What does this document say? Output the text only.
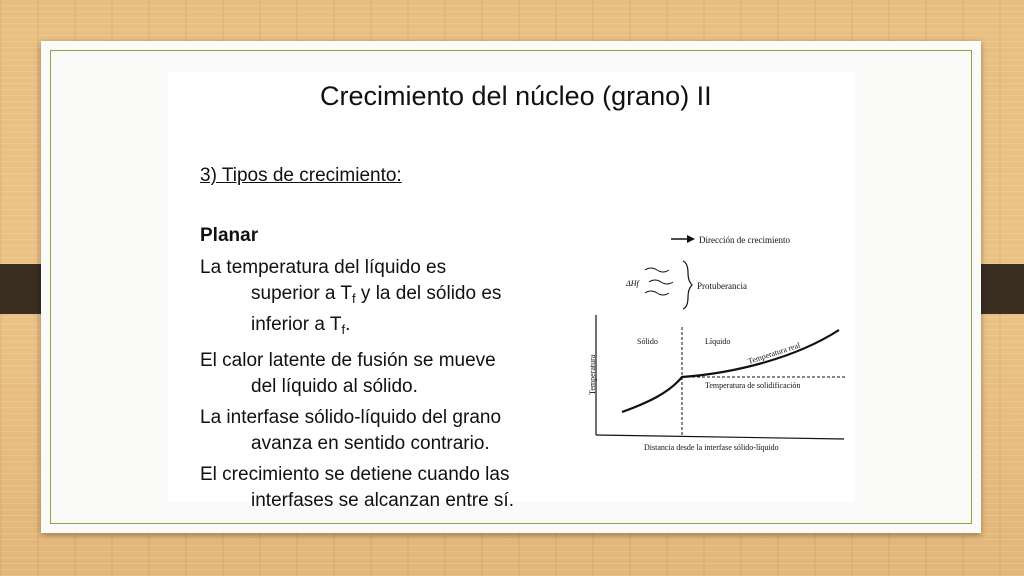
Crecimiento del núcleo (grano) II
3) Tipos de crecimiento:
Planar

La temperatura del líquido es
superior a $T_f$ y la del sólido es
inferior a $T_f$.

El calor latente de fusión se mueve
del líquido al sólido.

La interfase sólido-líquido del grano
avanza en sentido contrario.

El crecimiento se detiene cuando las
interfases se alcanzan entre sí.

Dirección de crecimiento
ΔHf	Protuberancia
Temperatura
Distancia desde la interfase sólido-líquido
Sólido	Líquido
Temperatura de solidificación
Temperatura real
